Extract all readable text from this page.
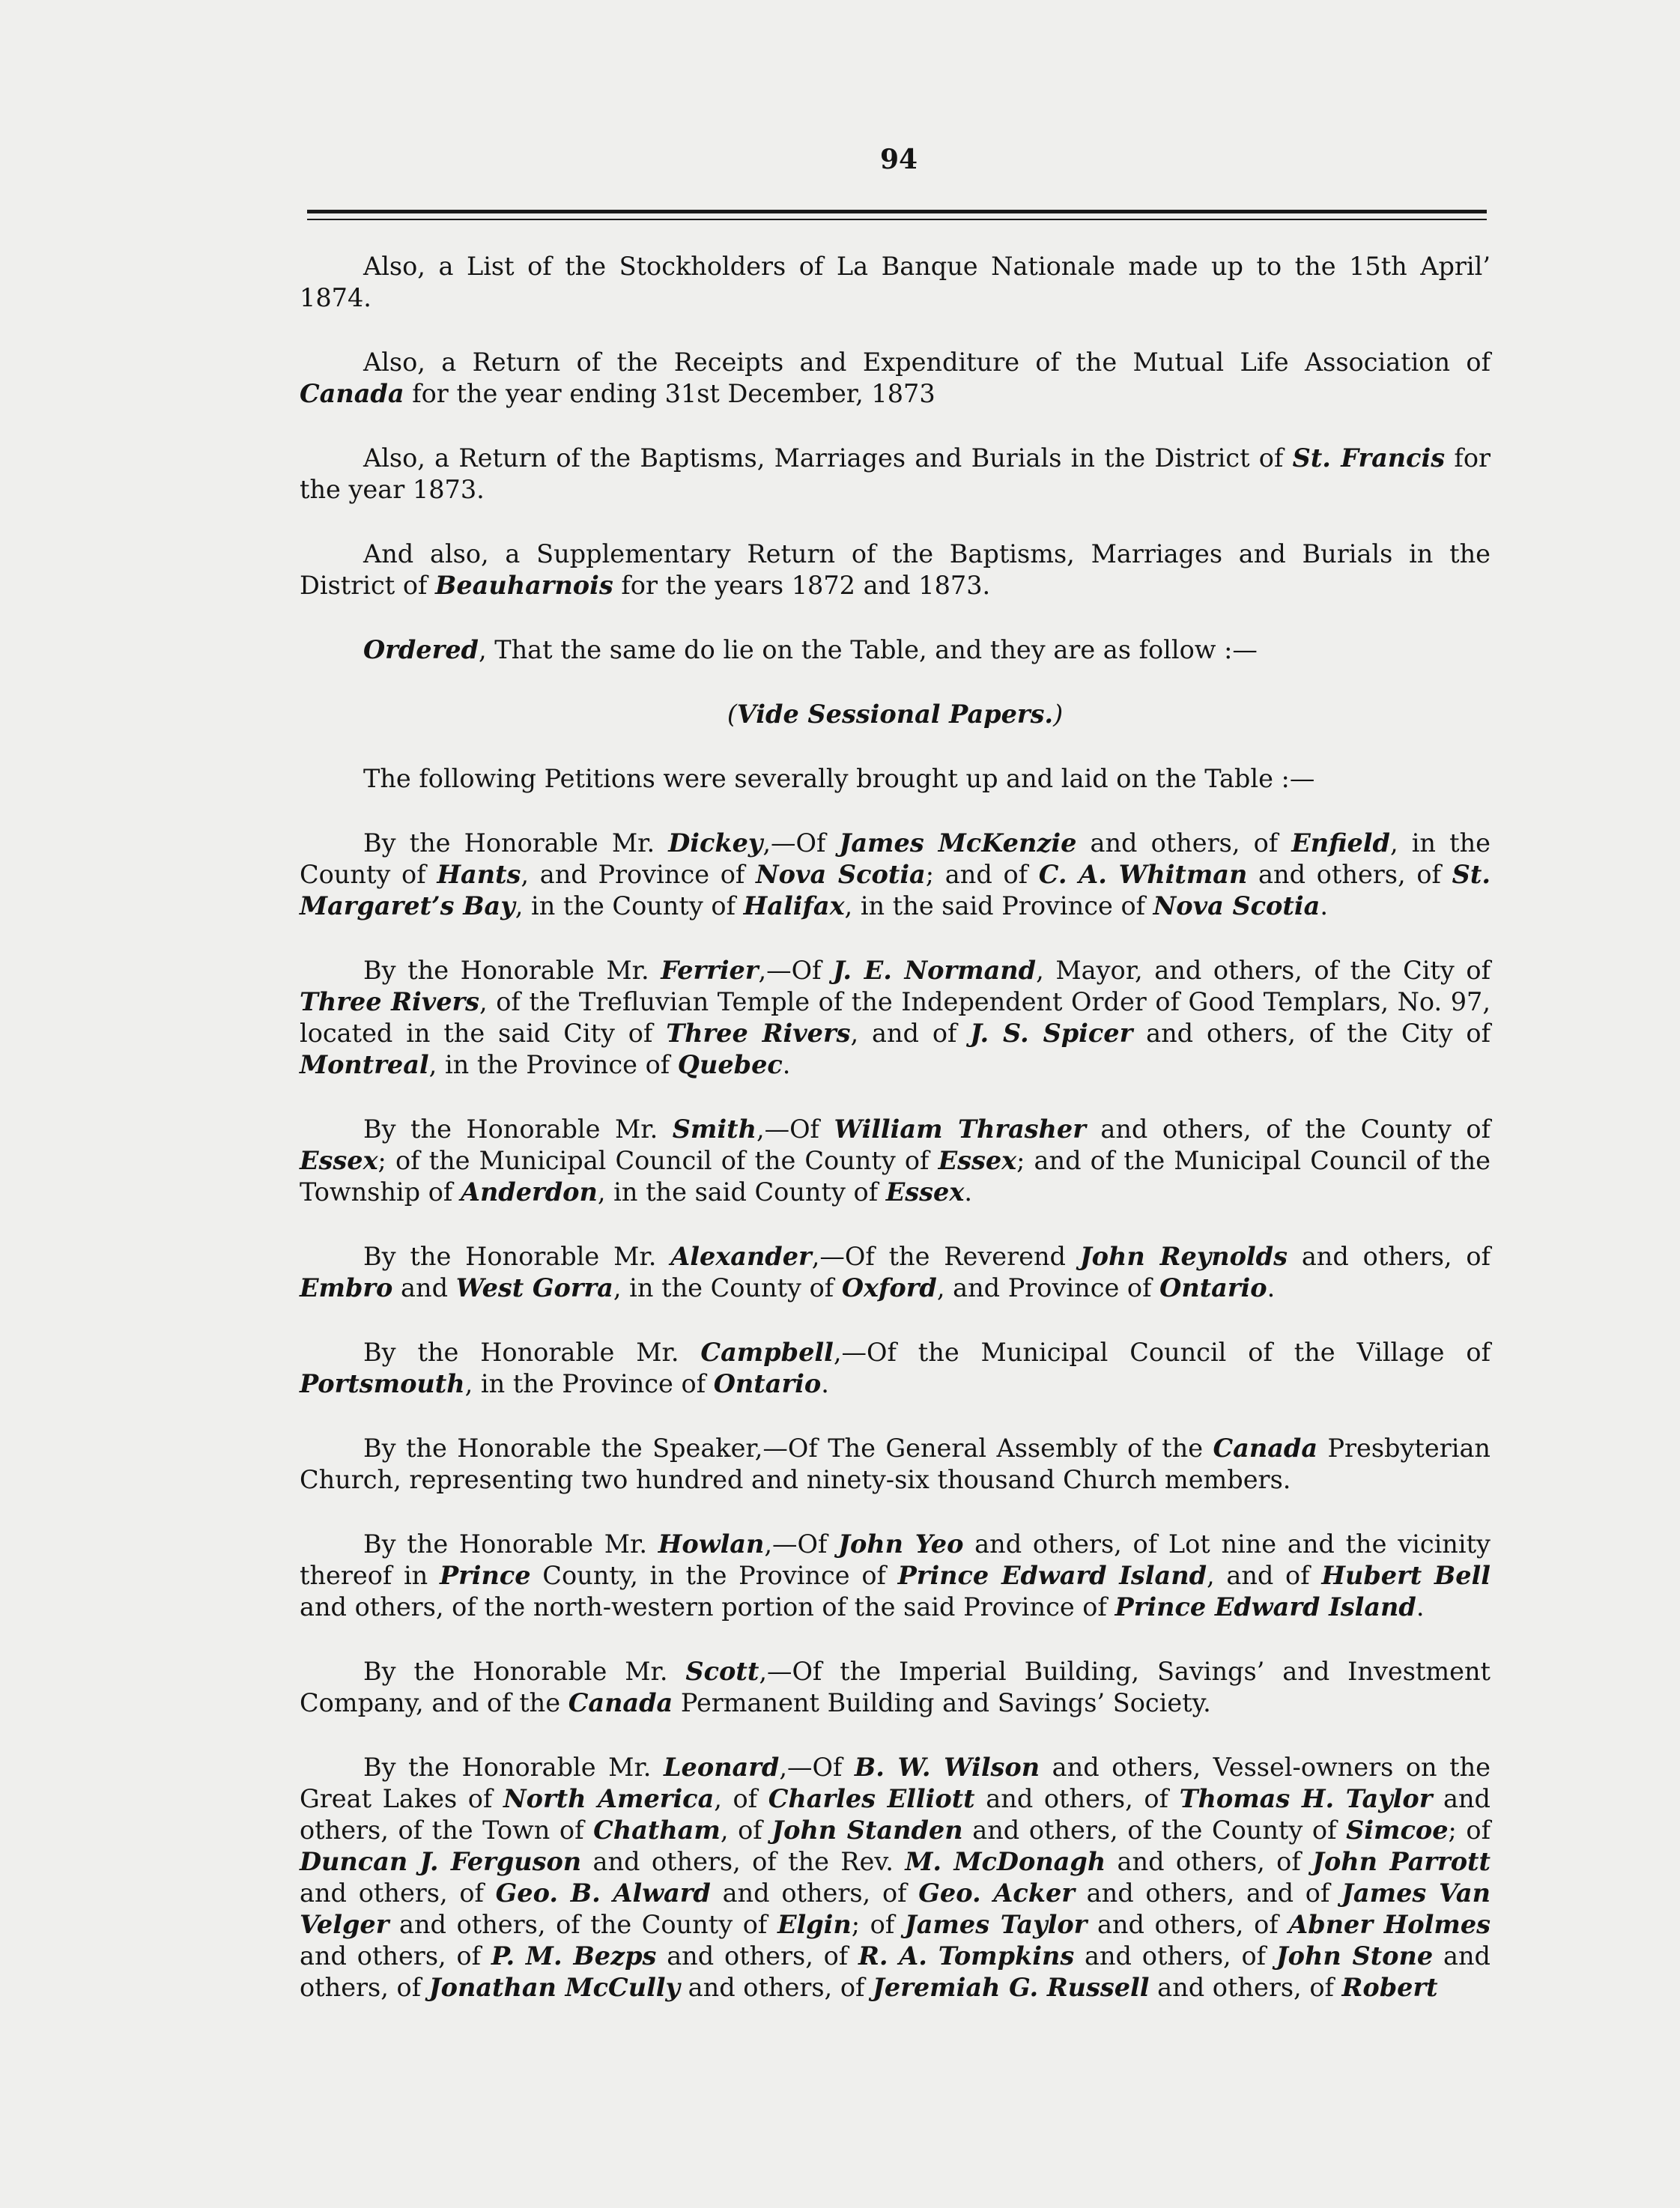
94

Also, a List of the Stockholders of La Banque Nationale made up to the 15th April’ 1874.

Also, a Return of the Receipts and Expenditure of the Mutual Life Association of Canada for the year ending 31st December, 1873

Also, a Return of the Baptisms, Marriages and Burials in the District of St. Francis for the year 1873.

And also, a Supplementary Return of the Baptisms, Marriages and Burials in the District of Beauharnois for the years 1872 and 1873.

Ordered, That the same do lie on the Table, and they are as follow :—

(Vide Sessional Papers.)

The following Petitions were severally brought up and laid on the Table :—

By the Honorable Mr. Dickey,—Of James McKenzie and others, of Enfield, in the County of Hants, and Province of Nova Scotia; and of C. A. Whitman and others, of St. Margaret’s Bay, in the County of Halifax, in the said Province of Nova Scotia.

By the Honorable Mr. Ferrier,—Of J. E. Normand, Mayor, and others, of the City of Three Rivers, of the Trefluvian Temple of the Independent Order of Good Templars, No. 97, located in the said City of Three Rivers, and of J. S. Spicer and others, of the City of Montreal, in the Province of Quebec.

By the Honorable Mr. Smith,—Of William Thrasher and others, of the County of Essex; of the Municipal Council of the County of Essex; and of the Municipal Council of the Township of Anderdon, in the said County of Essex.

By the Honorable Mr. Alexander,—Of the Reverend John Reynolds and others, of Embro and West Gorra, in the County of Oxford, and Province of Ontario.

By the Honorable Mr. Campbell,—Of the Municipal Council of the Village of Portsmouth, in the Province of Ontario.

By the Honorable the Speaker,—Of The General Assembly of the Canada Presbyterian Church, representing two hundred and ninety-six thousand Church members.

By the Honorable Mr. Howlan,—Of John Yeo and others, of Lot nine and the vicinity thereof in Prince County, in the Province of Prince Edward Island, and of Hubert Bell and others, of the north-western portion of the said Province of Prince Edward Island.

By the Honorable Mr. Scott,—Of the Imperial Building, Savings’ and Investment Company, and of the Canada Permanent Building and Savings’ Society.

By the Honorable Mr. Leonard,—Of B. W. Wilson and others, Vessel-owners on the Great Lakes of North America, of Charles Elliott and others, of Thomas H. Taylor and others, of the Town of Chatham, of John Standen and others, of the County of Simcoe; of Duncan J. Ferguson and others, of the Rev. M. McDonagh and others, of John Parrott and others, of Geo. B. Alward and others, of Geo. Acker and others, and of James Van Velger and others, of the County of Elgin; of James Taylor and others, of Abner Holmes and others, of P. M. Bezps and others, of R. A. Tompkins and others, of John Stone and others, of Jonathan McCully and others, of Jeremiah G. Russell and others, of Robert
